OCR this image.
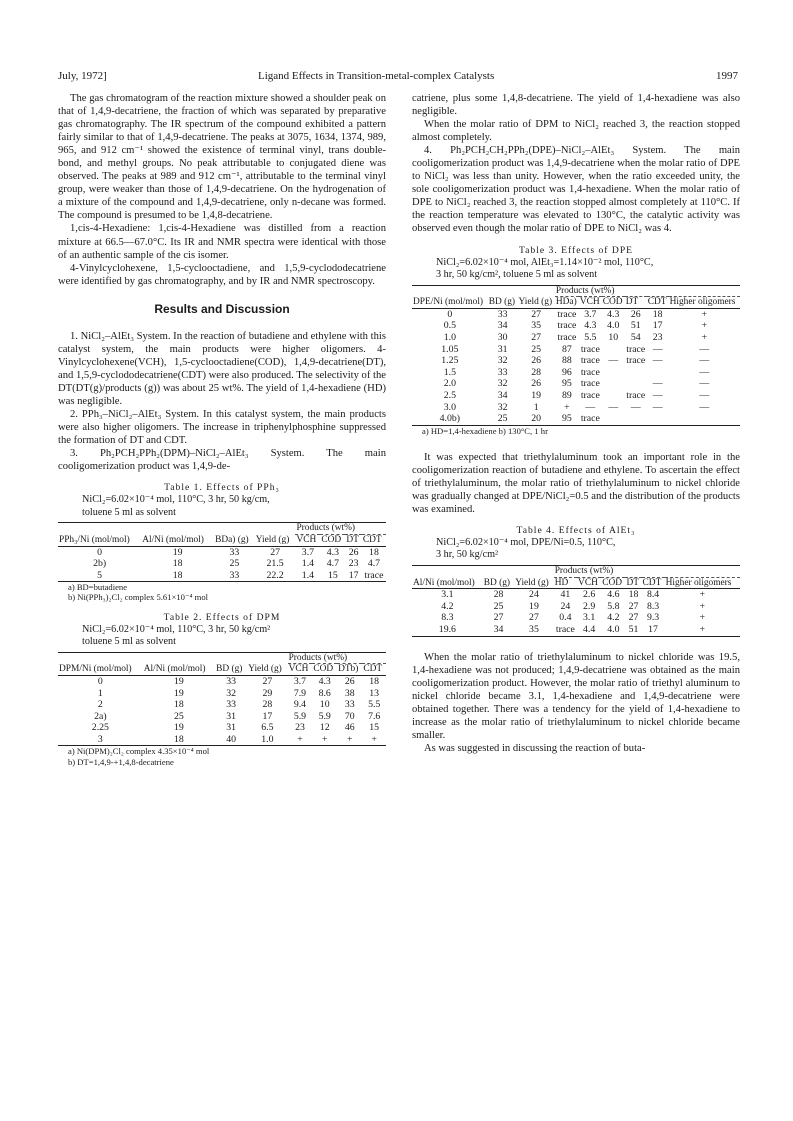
July, 1972]	Ligand Effects in Transition-metal-complex Catalysts	1997

The gas chromatogram of the reaction mixture showed a shoulder peak on that of 1,4,9-decatriene, the fraction of which was separated by preparative gas chromatography. The IR spectrum of the compound exhibited a pattern fairly similar to that of 1,4,9-decatriene. The peaks at 3075, 1634, 1374, 989, 965, and 912 cm⁻¹ showed the existence of terminal vinyl, trans double-bond, and methyl groups. No peak attributable to conjugated diene was observed. The peaks at 989 and 912 cm⁻¹, attributable to the terminal vinyl group, were weaker than those of 1,4,9-decatriene. On the hydrogenation of a mixture of the compound and 1,4,9-decatriene, only n-decane was formed. The compound is presumed to be 1,4,8-decatriene.

1,cis-4-Hexadiene: 1,cis-4-Hexadiene was distilled from a reaction mixture at 66.5—67.0°C. Its IR and NMR spectra were identical with those of an authentic sample of the cis isomer.

4-Vinylcyclohexene, 1,5-cyclooctadiene, and 1,5,9-cyclododecatriene were identified by gas chromatography, and by IR and NMR spectroscopy.

Results and Discussion

1. NiCl₂–AlEt₃ System. In the reaction of butadiene and ethylene with this catalyst system, the main products were higher oligomers. 4-Vinylcyclohexene(VCH), 1,5-cyclooctadiene(COD), 1,4,9-decatriene(DT), and 1,5,9-cyclododecatriene(CDT) were also produced. The selectivity of the DT(DT(g)/products (g)) was about 25 wt%. The yield of 1,4-hexadiene (HD) was negligible.

2. PPh₃–NiCl₂–AlEt₃ System. In this catalyst system, the main products were also higher oligomers. The increase in triphenylphosphine suppressed the formation of DT and CDT.

3. Ph₂PCH₂PPh₂(DPM)–NiCl₂–AlEt₃ System. The main cooligomerization product was 1,4,9-de-

Table 1. Effects of PPh₃
NiCl₂=6.02×10⁻⁴ mol, 110°C, 3 hr, 50 kg/cm,
toluene 5 ml as solvent
PPh₃/Ni (mol/mol)	Al/Ni (mol/mol)	BDa) (g)	Yield (g)	Products (wt%)			
				VCH	COD	DT	CDT
0	19	33	27	3.7	4.3	26	18
2b)	18	25	21.5	1.4	4.7	23	4.7
5	18	33	22.2	1.4	15	17	trace
a) BD=butadiene
b) Ni(PPh₃)₂Cl₂ complex 5.61×10⁻⁴ mol
Table 2. Effects of DPM
NiCl₂=6.02×10⁻⁴ mol, 110°C, 3 hr, 50 kg/cm²
toluene 5 ml as solvent
DPM/Ni (mol/mol)	Al/Ni (mol/mol)	BD (g)	Yield (g)	Products (wt%)			
				VCH	COD	DTb)	CDT
0	19	33	27	3.7	4.3	26	18
1	19	32	29	7.9	8.6	38	13
2	18	33	28	9.4	10	33	5.5
2a)	25	31	17	5.9	5.9	70	7.6
2.25	19	31	6.5	23	12	46	15
3	18	40	1.0	+	+	+	+
a) Ni(DPM)₂Cl₂ complex 4.35×10⁻⁴ mol
b) DT=1,4,9-+1,4,8-decatriene

catriene, plus some 1,4,8-decatriene. The yield of 1,4-hexadiene was also negligible.

When the molar ratio of DPM to NiCl₂ reached 3, the reaction stopped almost completely.

4. Ph₂PCH₂CH₂PPh₂(DPE)–NiCl₂–AlEt₃ System. The main cooligomerization product was 1,4,9-decatriene when the molar ratio of DPE to NiCl₂ was less than unity. However, when the ratio exceeded unity, the sole cooligomerization product was 1,4-hexadiene. When the molar ratio of DPE to NiCl₂ reached 3, the reaction stopped almost completely at 110°C. If the reaction temperature was elevated to 130°C, the catalytic activity was observed even though the molar ratio of DPE to NiCl₂ was 4.

Table 3. Effects of DPE
NiCl₂=6.02×10⁻⁴ mol, AlEt₃=1.14×10⁻² mol, 110°C,
3 hr, 50 kg/cm², toluene 5 ml as solvent
DPE/Ni (mol/mol)	BD (g)	Yield (g)	Products (wt%)					
			HDa)	VCH	COD	DT	CDT	Higher oligomers
0	33	27	trace	3.7	4.3	26	18	+
0.5	34	35	trace	4.3	4.0	51	17	+
1.0	30	27	trace	5.5	10	54	23	+
1.05	31	25	87	trace		trace	—	—
1.25	32	26	88	trace	—	trace	—	—
1.5	33	28	96	trace				—
2.0	32	26	95	trace			—	—
2.5	34	19	89	trace		trace	—	—
3.0	32	1	+	—	—	—	—	—
4.0b)	25	20	95	trace				
a) HD=1,4-hexadiene b) 130°C, 1 hr

It was expected that triethylaluminum took an important role in the cooligomerization reaction of butadiene and ethylene. To ascertain the effect of triethylaluminum, the molar ratio of triethylaluminum to nickel chloride was gradually changed at DPE/NiCl₂=0.5 and the distribution of the products was examined.

Table 4. Effects of AlEt₃
NiCl₂=6.02×10⁻⁴ mol, DPE/Ni=0.5, 110°C,
3 hr, 50 kg/cm²
Al/Ni (mol/mol)	BD (g)	Yield (g)	Products (wt%)					
			HD	VCH	COD	DT	CDT	Higher oligomers
3.1	28	24	41	2.6	4.6	18	8.4	+
4.2	25	19	24	2.9	5.8	27	8.3	+
8.3	27	27	0.4	3.1	4.2	27	9.3	+
19.6	34	35	trace	4.4	4.0	51	17	+

When the molar ratio of triethylaluminum to nickel chloride was 19.5, 1,4-hexadiene was not produced; 1,4,9-decatriene was obtained as the main cooligomerization product. However, the molar ratio of triethyl aluminum to nickel chloride became 3.1, 1,4-hexadiene and 1,4,9-decatriene were obtained together. There was a tendency for the yield of 1,4-hexadiene to increase as the molar ratio of triethylaluminum to nickel chloride became smaller.

As was suggested in discussing the reaction of buta-
